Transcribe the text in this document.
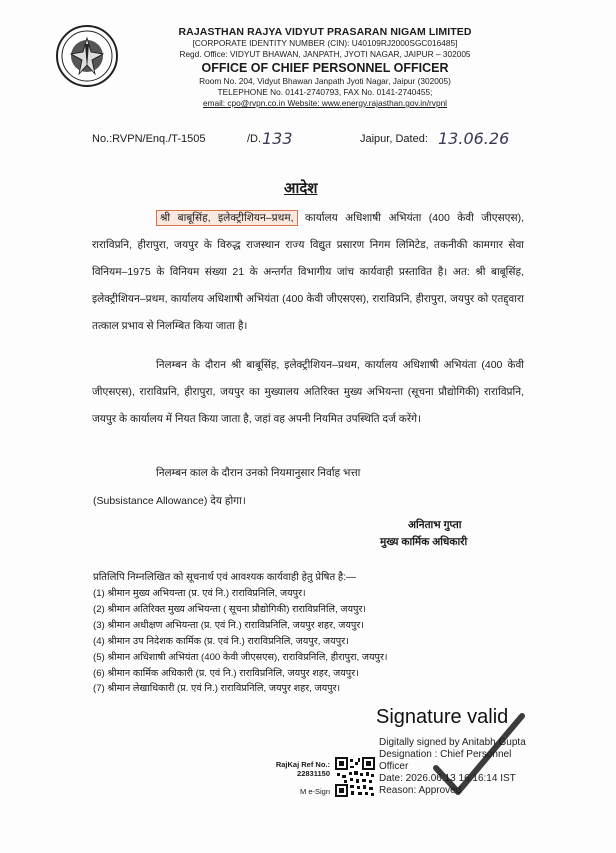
RAJASTHAN RAJYA VIDYUT PRASARAN NIGAM LIMITED
[CORPORATE IDENTITY NUMBER (CIN): U40109RJ2000SGC016485]
Regd. Office: VIDYUT BHAWAN, JANPATH, JYOTI NAGAR, JAIPUR – 302005
OFFICE OF CHIEF PERSONNEL OFFICER
Room No. 204, Vidyut Bhawan Janpath Jyoti Nagar, Jaipur (302005)
TELEPHONE No. 0141-2740793, FAX No. 0141-2740455;
email: cpo@rvpn.co.in Website: www.energy.rajasthan.gov.in/rvpnl
No.:RVPN/Enq./T-1505	/D. 133	Jaipur, Dated: 13.06.26
आदेश
श्री बाबूसिंह, इलेक्ट्रीशियन–प्रथम, कार्यालय अधिशाषी अभियंता (400 केवी जीएसएस), राराविप्रनि, हीरापुरा, जयपुर के विरुद्ध राजस्थान राज्य विद्युत प्रसारण निगम लिमिटेड, तकनीकी कामगार सेवा विनियम–1975 के विनियम संख्या 21 के अन्तर्गत विभागीय जांच कार्यवाही प्रस्तावित है। अत: श्री बाबूसिंह, इलेक्ट्रीशियन–प्रथम, कार्यालय अधिशाषी अभियंता (400 केवी जीएसएस), राराविप्रनि, हीरापुरा, जयपुर को एतद्द्वारा तत्काल प्रभाव से निलम्बित किया जाता है।
निलम्बन के दौरान श्री बाबूसिंह, इलेक्ट्रीशियन–प्रथम, कार्यालय अधिशाषी अभियंता (400 केवी जीएसएस), राराविप्रनि, हीरापुरा, जयपुर का मुख्यालय अतिरिक्त मुख्य अभियन्ता (सूचना प्रौद्योगिकी) राराविप्रनि, जयपुर के कार्यालय में नियत किया जाता है, जहां वह अपनी नियमित उपस्थिति दर्ज करेंगे।
निलम्बन काल के दौरान उनको नियमानुसार निर्वाह भत्ता
(Subsistance Allowance) देय होगा।
अनिताभ गुप्ता
मुख्य कार्मिक अधिकारी
प्रतिलिपि निम्नलिखित को सूचनार्थ एवं आवश्यक कार्यवाही हेतु प्रेषित है:—
(1) श्रीमान मुख्य अभियन्ता (प्र. एवं नि.) राराविप्रनिलि, जयपुर।
(2) श्रीमान अतिरिक्त मुख्य अभियन्ता ( सूचना प्रौद्योगिकी) राराविप्रनिलि, जयपुर।
(3) श्रीमान अधीक्षण अभियन्ता (प्र. एवं नि.) राराविप्रनिलि, जयपुर शहर, जयपुर।
(4) श्रीमान उप निदेशक कार्मिक (प्र. एवं नि.) राराविप्रनिलि, जयपुर, जयपुर।
(5) श्रीमान अधिशाषी अभियंता (400 केवी जीएसएस), राराविप्रनिलि, हीरापुरा, जयपुर।
(6) श्रीमान कार्मिक अधिकारी (प्र. एवं नि.) राराविप्रनिलि, जयपुर शहर, जयपुर।
(7) श्रीमान लेखाधिकारी (प्र. एवं नि.) राराविप्रनिलि, जयपुर शहर, जयपुर।
RajKaj Ref No.:
22831150
M e-Sign
Signature valid
Digitally signed by Anitabh Gupta
Designation : Chief Personnel
Officer
Date: 2026.06.13 16:16:14 IST
Reason: Approved
